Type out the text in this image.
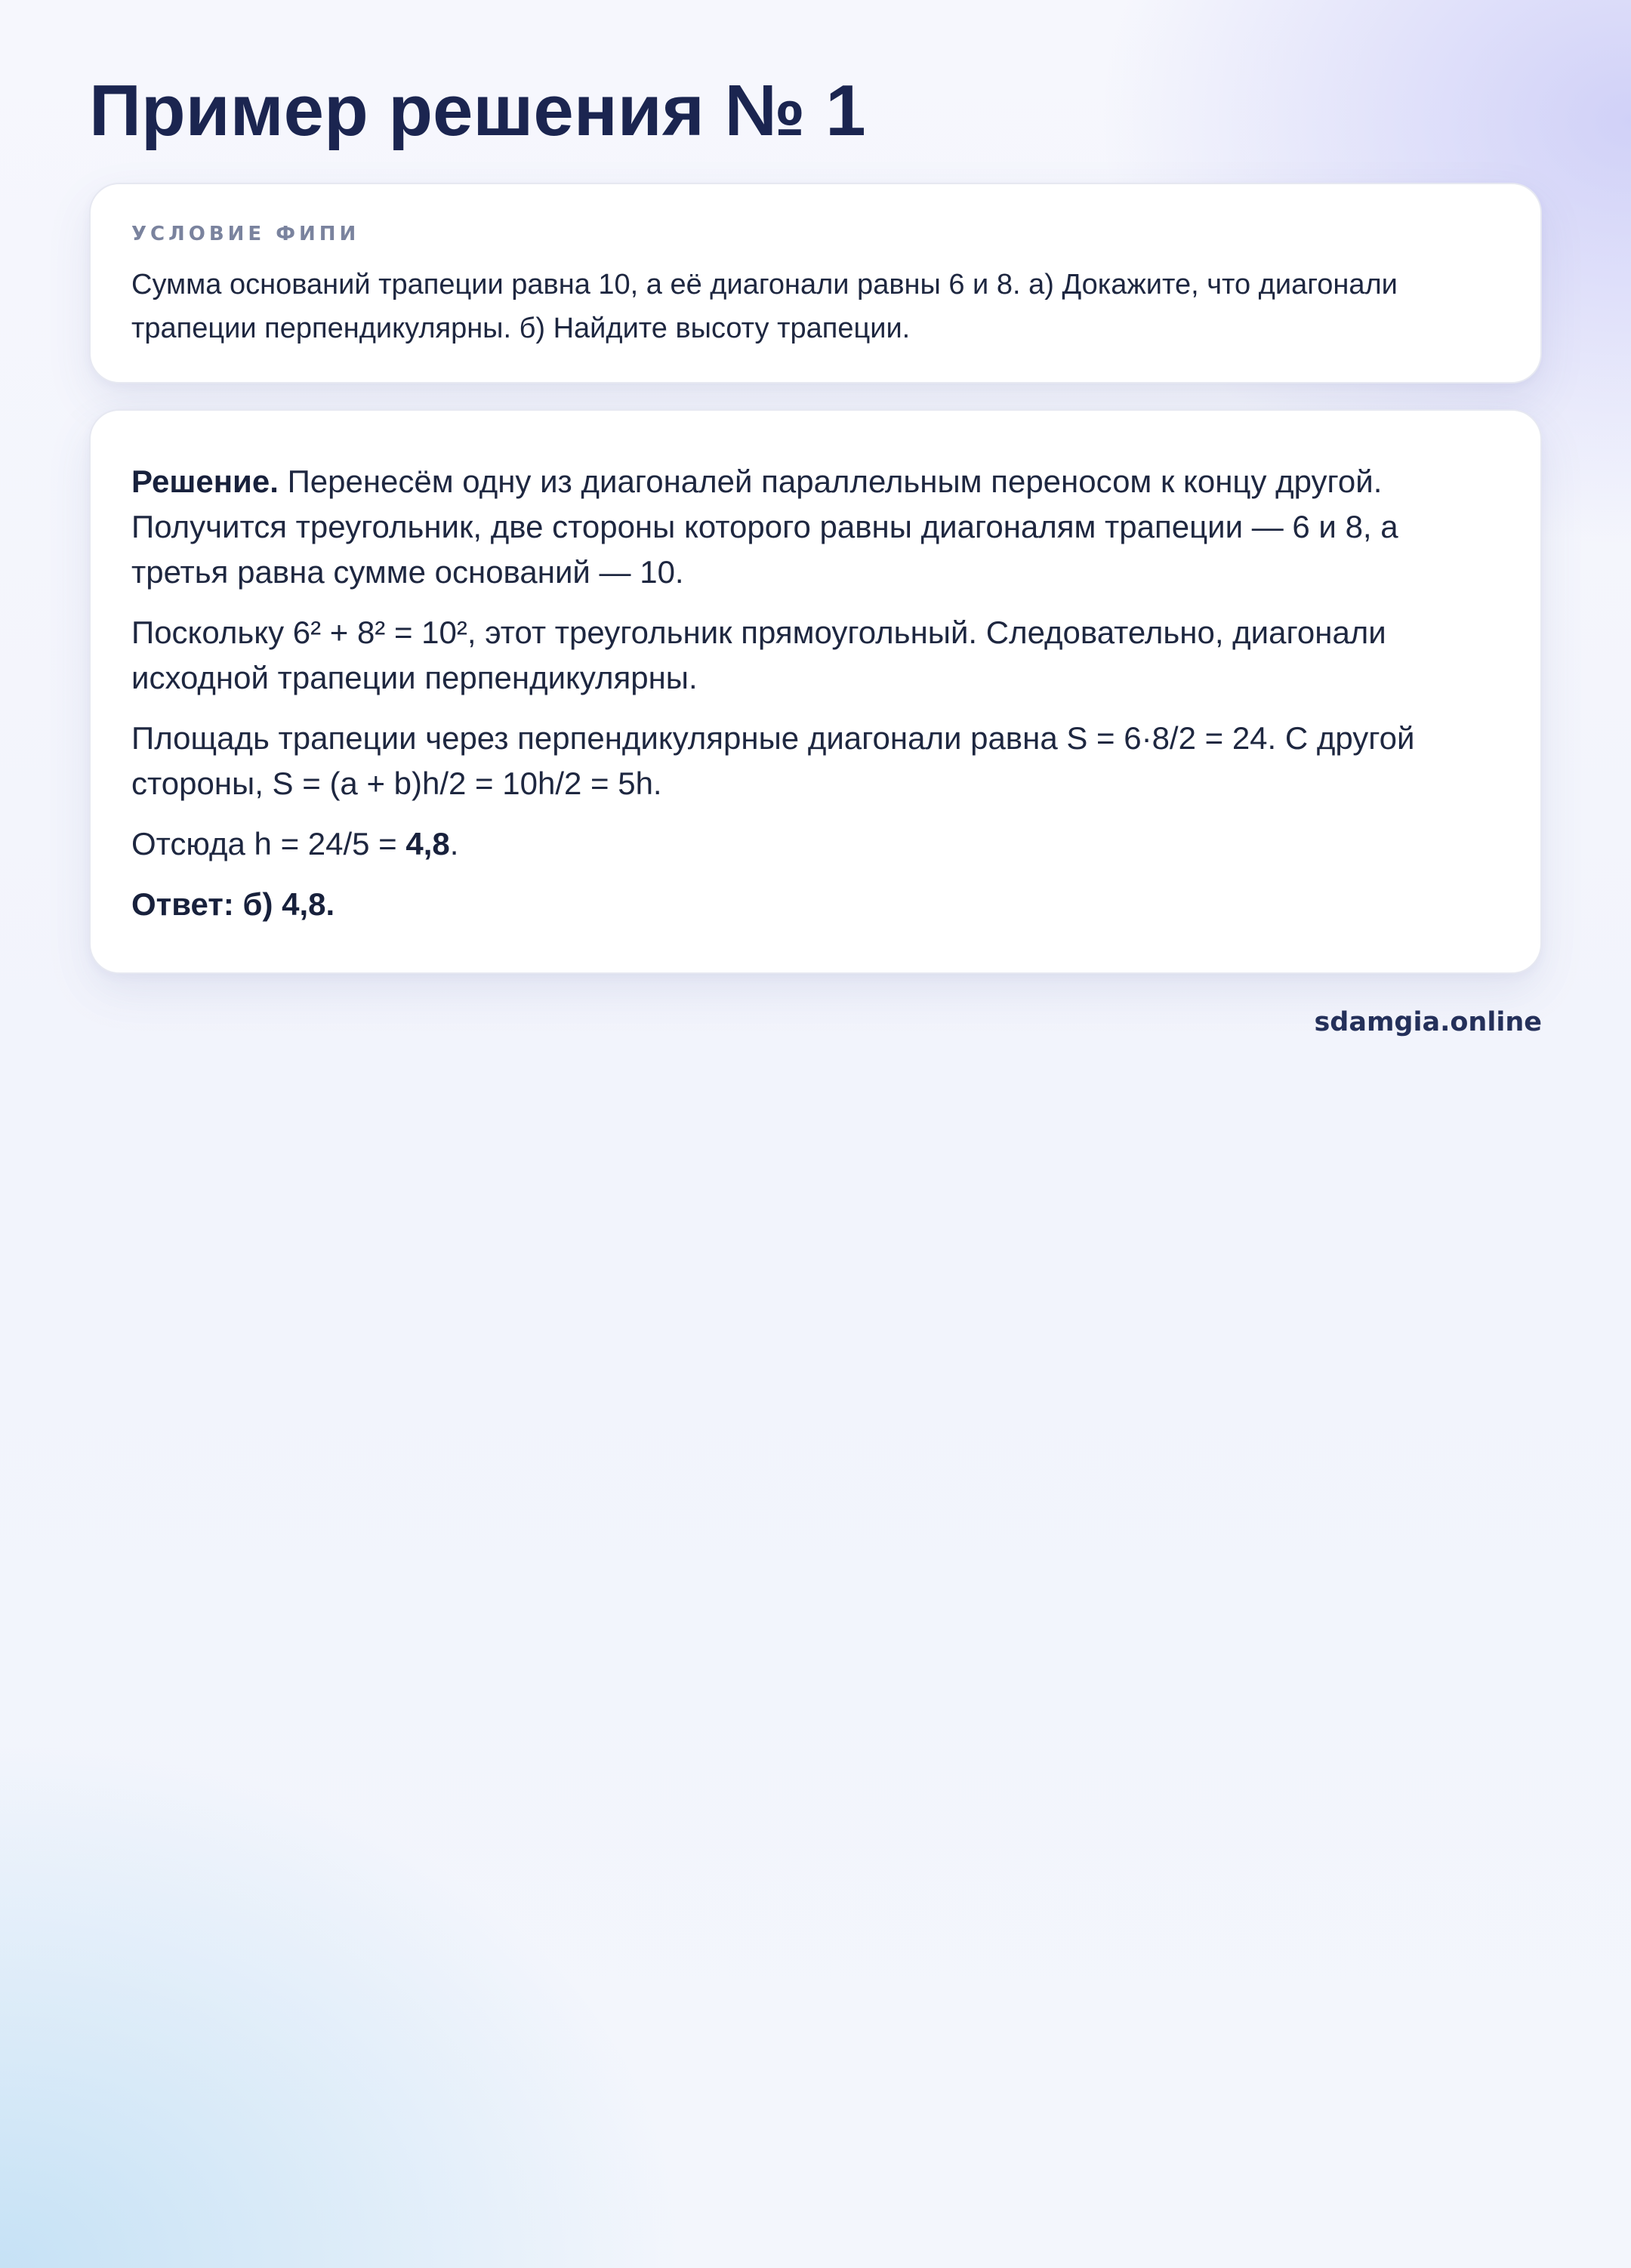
Пример решения № 1
УСЛОВИЕ ФИПИ

Сумма оснований трапеции равна 10, а её диагонали равны 6 и 8. а) Докажите, что диагонали трапеции перпендикулярны. б) Найдите высоту трапеции.

Решение. Перенесём одну из диагоналей параллельным переносом к концу другой. Получится треугольник, две стороны которого равны диагоналям трапеции — 6 и 8, а третья равна сумме оснований — 10.

Поскольку 6² + 8² = 10², этот треугольник прямоугольный. Следовательно, диагонали исходной трапеции перпендикулярны.

Площадь трапеции через перпендикулярные диагонали равна S = 6·8/2 = 24. С другой стороны, S = (a + b)h/2 = 10h/2 = 5h.

Отсюда h = 24/5 = 4,8.

Ответ: б) 4,8.

sdamgia.online
